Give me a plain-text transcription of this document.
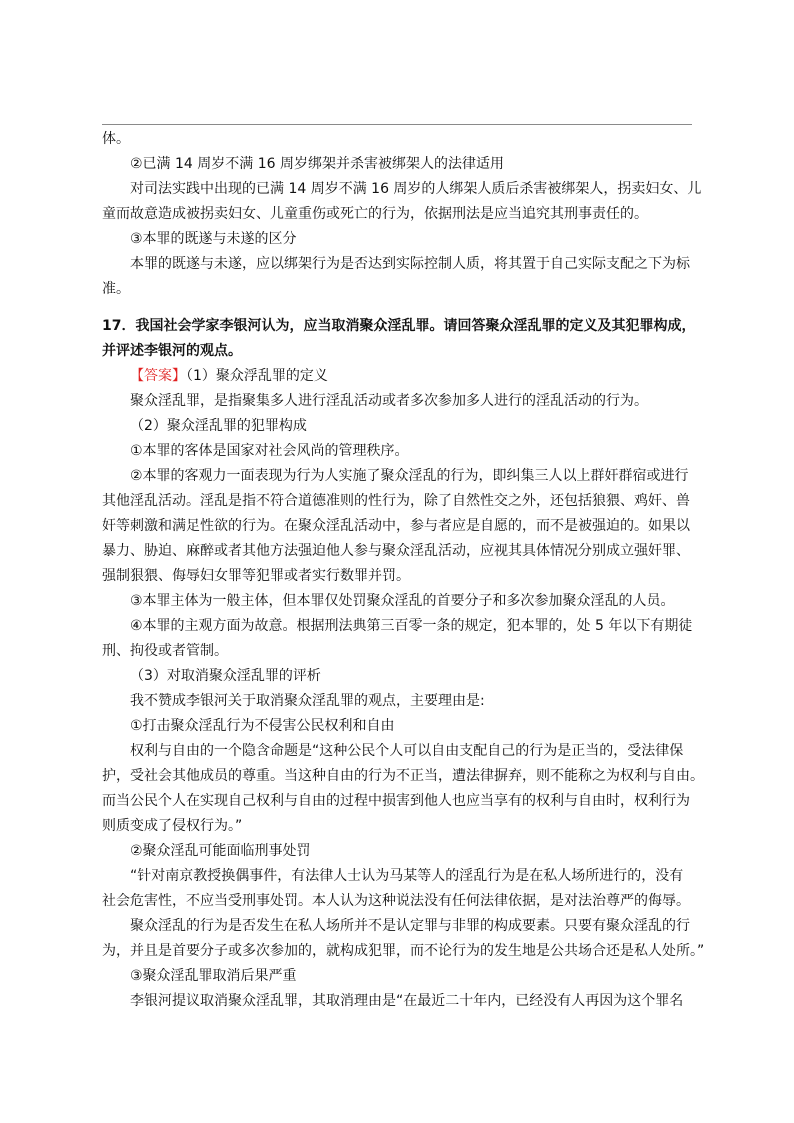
体。

②已满 14 周岁不满 16 周岁绑架并杀害被绑架人的法律适用

对司法实践中出现的已满 14 周岁不满 16 周岁的人绑架人质后杀害被绑架人，拐卖妇女、儿

童而故意造成被拐卖妇女、儿童重伤或死亡的行为，依据刑法是应当追究其刑事责任的。

③本罪的既遂与未遂的区分

本罪的既遂与未遂，应以绑架行为是否达到实际控制人质，将其置于自己实际支配之下为标

准。

17．我国社会学家李银河认为，应当取消聚众淫乱罪。请回答聚众淫乱罪的定义及其犯罪构成，

并评述李银河的观点。

【答案】（1）聚众浮乱罪的定义

聚众淫乱罪，是指聚集多人进行淫乱活动或者多次参加多人进行的淫乱活动的行为。

（2）聚众淫乱罪的犯罪构成

①本罪的客体是国家对社会风尚的管理秩序。

②本罪的客观力一面表现为行为人实施了聚众淫乱的行为，即纠集三人以上群奸群宿或进行

其他淫乱活动。淫乱是指不符合道德准则的性行为，除了自然性交之外，还包括狼猥、鸡奸、兽

奸等刺激和满足性欲的行为。在聚众淫乱活动中，参与者应是自愿的，而不是被强迫的。如果以

暴力、胁迫、麻醉或者其他方法强迫他人参与聚众淫乱活动，应视其具体情况分别成立强奸罪、

强制狠猥、侮辱妇女罪等犯罪或者实行数罪并罚。

③本罪主体为一般主体，但本罪仅处罚聚众淫乱的首要分子和多次参加聚众淫乱的人员。

④本罪的主观方面为故意。根据刑法典第三百零一条的规定，犯本罪的，处 5 年以下有期徒

刑、拘役或者管制。

（3）对取消聚众淫乱罪的评析

我不赞成李银河关于取消聚众淫乱罪的观点，主要理由是:

①打击聚众淫乱行为不侵害公民权利和自由

权利与自由的一个隐含命题是“这种公民个人可以自由支配自己的行为是正当的，受法律保

护，受社会其他成员的尊重。当这种自由的行为不正当，遭法律摒弃，则不能称之为权利与自由。

而当公民个人在实现自己权利与自由的过程中损害到他人也应当享有的权利与自由时，权利行为

则质变成了侵权行为。”

②聚众淫乱可能面临刑事处罚

“针对南京教授换偶事件，有法律人士认为马某等人的淫乱行为是在私人场所进行的，没有

社会危害性，不应当受刑事处罚。本人认为这种说法没有任何法律依据，是对法治尊严的侮辱。

聚众淫乱的行为是否发生在私人场所并不是认定罪与非罪的构成要素。只要有聚众淫乱的行

为，并且是首要分子或多次参加的，就构成犯罪，而不论行为的发生地是公共场合还是私人处所。”

③聚众淫乱罪取消后果严重

李银河提议取消聚众淫乱罪，其取消理由是“在最近二十年内，已经没有人再因为这个罪名
